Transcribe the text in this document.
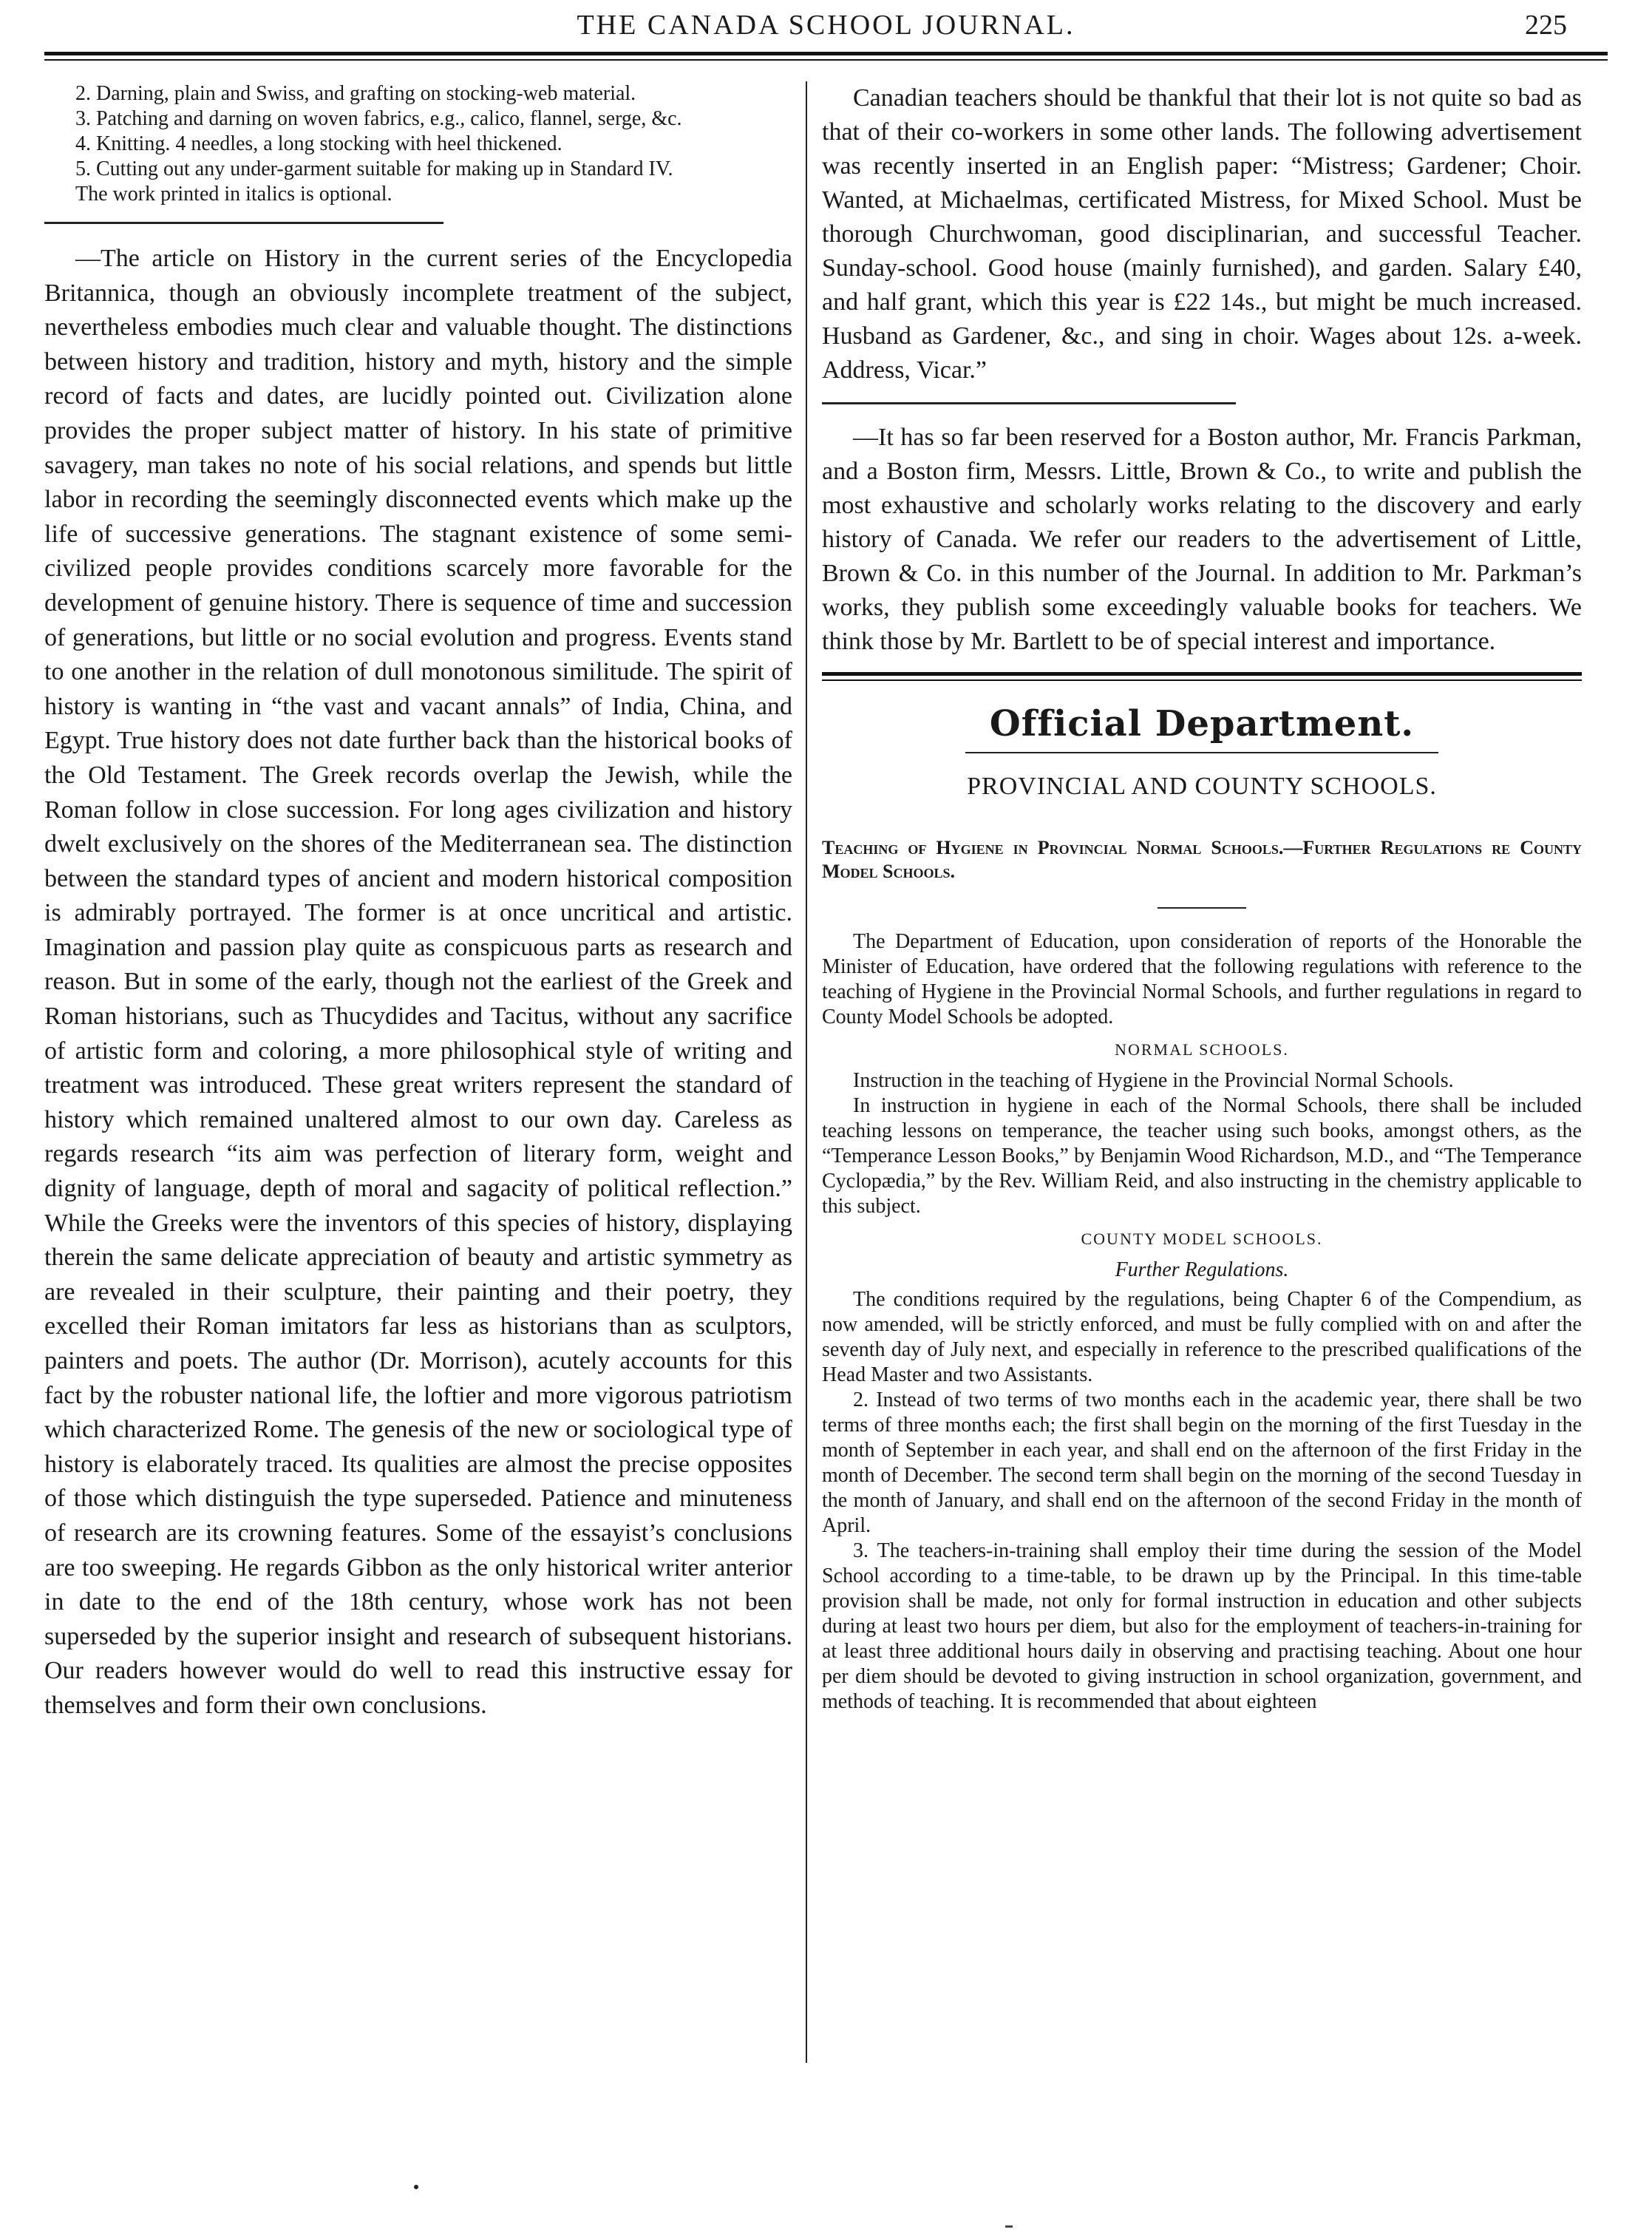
THE CANADA SCHOOL JOURNAL.	225

2. Darning, plain and Swiss, and grafting on stocking-web material.

3. Patching and darning on woven fabrics, e.g., calico, flannel, serge, &c.

4. Knitting. 4 needles, a long stocking with heel thickened.

5. Cutting out any under-garment suitable for making up in Standard IV.

The work printed in italics is optional.

—The article on History in the current series of the Encyclopedia Britannica, though an obviously incomplete treatment of the subject, nevertheless embodies much clear and valuable thought. The distinctions between history and tradition, history and myth, history and the simple record of facts and dates, are lucidly pointed out. Civilization alone provides the proper subject matter of history. In his state of primitive savagery, man takes no note of his social relations, and spends but little labor in recording the seemingly disconnected events which make up the life of successive generations. The stagnant existence of some semi-civilized people provides conditions scarcely more favorable for the development of genuine history. There is sequence of time and succession of generations, but little or no social evolution and progress. Events stand to one another in the relation of dull monotonous similitude. The spirit of history is wanting in “the vast and vacant annals” of India, China, and Egypt. True history does not date further back than the historical books of the Old Testament. The Greek records overlap the Jewish, while the Roman follow in close succession. For long ages civilization and history dwelt exclusively on the shores of the Mediterranean sea. The distinction between the standard types of ancient and modern historical composition is admirably portrayed. The former is at once uncritical and artistic. Imagination and passion play quite as conspicuous parts as research and reason. But in some of the early, though not the earliest of the Greek and Roman historians, such as Thucydides and Tacitus, without any sacrifice of artistic form and coloring, a more philosophical style of writing and treatment was introduced. These great writers represent the standard of history which remained unaltered almost to our own day. Careless as regards research “its aim was perfection of literary form, weight and dignity of language, depth of moral and sagacity of political reflection.” While the Greeks were the inventors of this species of history, displaying therein the same delicate appreciation of beauty and artistic symmetry as are revealed in their sculpture, their painting and their poetry, they excelled their Roman imitators far less as historians than as sculptors, painters and poets. The author (Dr. Morrison), acutely accounts for this fact by the robuster national life, the loftier and more vigorous patriotism which characterized Rome. The genesis of the new or sociological type of history is elaborately traced. Its qualities are almost the precise opposites of those which distinguish the type superseded. Patience and minuteness of research are its crowning features. Some of the essayist’s conclusions are too sweeping. He regards Gibbon as the only historical writer anterior in date to the end of the 18th century, whose work has not been superseded by the superior insight and research of subsequent historians. Our readers however would do well to read this instructive essay for themselves and form their own conclusions.

Canadian teachers should be thankful that their lot is not quite so bad as that of their co-workers in some other lands. The following advertisement was recently inserted in an English paper: “Mistress; Gardener; Choir. Wanted, at Michaelmas, certificated Mistress, for Mixed School. Must be thorough Churchwoman, good disciplinarian, and successful Teacher. Sunday-school. Good house (mainly furnished), and garden. Salary £40, and half grant, which this year is £22 14s., but might be much increased. Husband as Gardener, &c., and sing in choir. Wages about 12s. a-week. Address, Vicar.”

—It has so far been reserved for a Boston author, Mr. Francis Parkman, and a Boston firm, Messrs. Little, Brown & Co., to write and publish the most exhaustive and scholarly works relating to the discovery and early history of Canada. We refer our readers to the advertisement of Little, Brown & Co. in this number of the Journal. In addition to Mr. Parkman’s works, they publish some exceedingly valuable books for teachers. We think those by Mr. Bartlett to be of special interest and importance.

Official Department.
PROVINCIAL AND COUNTY SCHOOLS.

Teaching of Hygiene in Provincial Normal Schools.—Further Regulations re County Model Schools.

The Department of Education, upon consideration of reports of the Honorable the Minister of Education, have ordered that the following regulations with reference to the teaching of Hygiene in the Provincial Normal Schools, and further regulations in regard to County Model Schools be adopted.

NORMAL SCHOOLS.

Instruction in the teaching of Hygiene in the Provincial Normal Schools.

In instruction in hygiene in each of the Normal Schools, there shall be included teaching lessons on temperance, the teacher using such books, amongst others, as the “Temperance Lesson Books,” by Benjamin Wood Richardson, M.D., and “The Temperance Cyclopædia,” by the Rev. William Reid, and also instructing in the chemistry applicable to this subject.

COUNTY MODEL SCHOOLS.
Further Regulations.

The conditions required by the regulations, being Chapter 6 of the Compendium, as now amended, will be strictly enforced, and must be fully complied with on and after the seventh day of July next, and especially in reference to the prescribed qualifications of the Head Master and two Assistants.

2. Instead of two terms of two months each in the academic year, there shall be two terms of three months each; the first shall begin on the morning of the first Tuesday in the month of September in each year, and shall end on the afternoon of the first Friday in the month of December. The second term shall begin on the morning of the second Tuesday in the month of January, and shall end on the afternoon of the second Friday in the month of April.

3. The teachers-in-training shall employ their time during the session of the Model School according to a time-table, to be drawn up by the Principal. In this time-table provision shall be made, not only for formal instruction in education and other subjects during at least two hours per diem, but also for the employment of teachers-in-training for at least three additional hours daily in observing and practising teaching. About one hour per diem should be devoted to giving instruction in school organization, government, and methods of teaching. It is recommended that about eighteen
